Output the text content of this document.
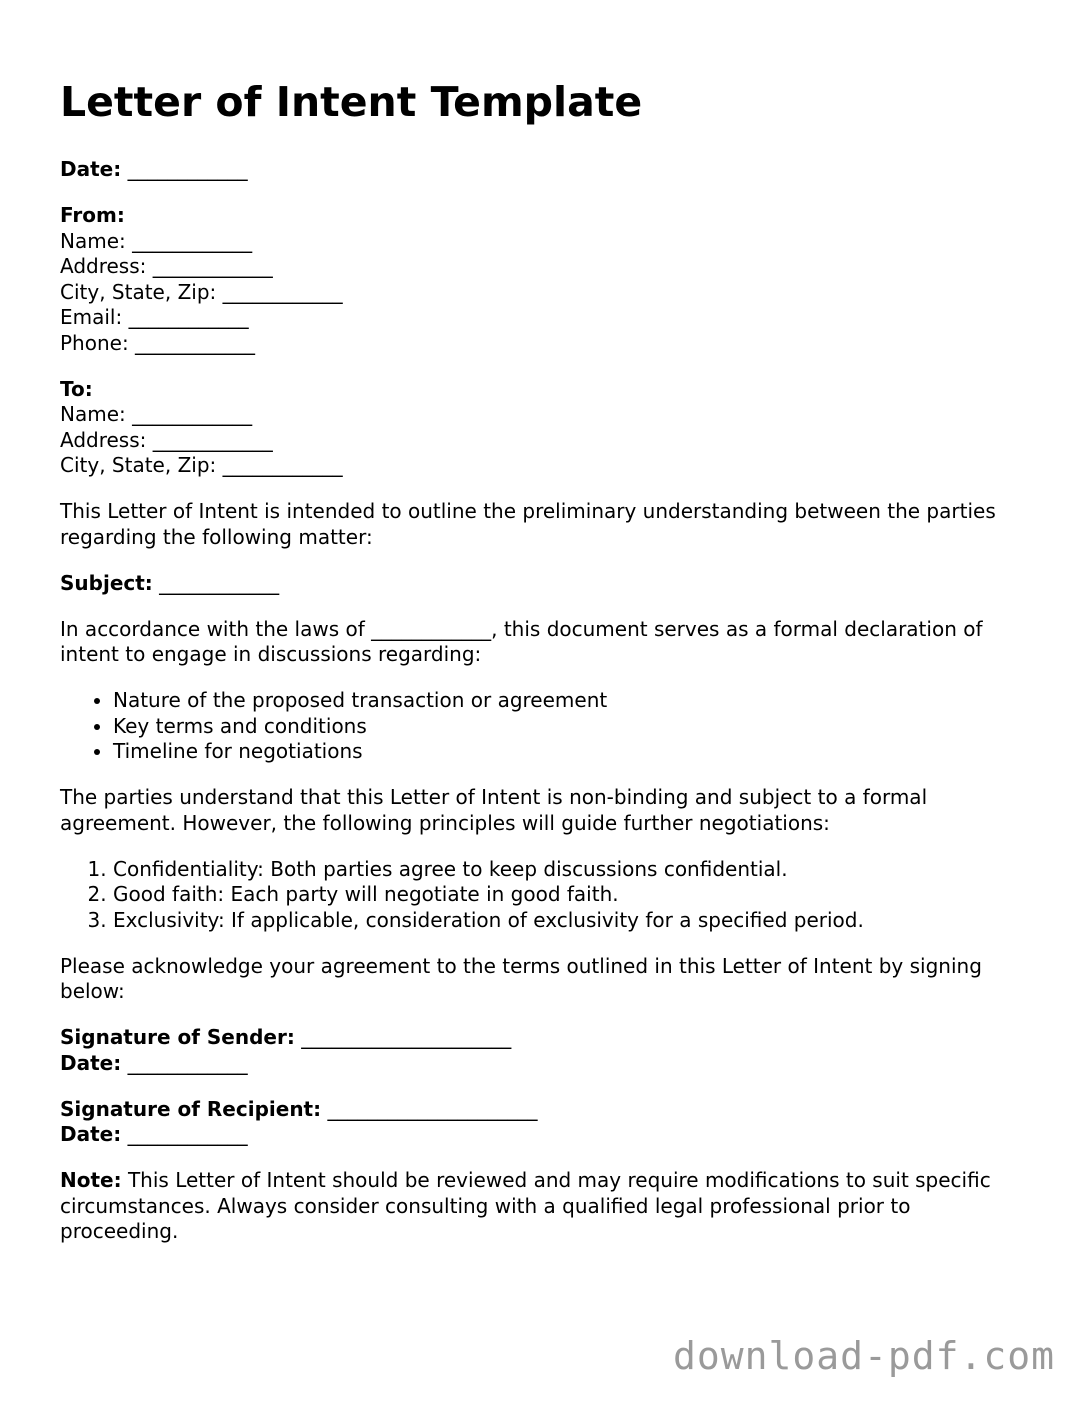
Letter of Intent Template

Date: ____________

From:
Name: ____________
Address: ____________
City, State, Zip: ____________
Email: ____________
Phone: ____________

To:
Name: ____________
Address: ____________
City, State, Zip: ____________

This Letter of Intent is intended to outline the preliminary understanding between the parties regarding the following matter:

Subject: ____________

In accordance with the laws of ____________, this document serves as a formal declaration of intent to engage in discussions regarding:

• Nature of the proposed transaction or agreement
• Key terms and conditions
• Timeline for negotiations

The parties understand that this Letter of Intent is non-binding and subject to a formal agreement. However, the following principles will guide further negotiations:

1. Confidentiality: Both parties agree to keep discussions confidential.
2. Good faith: Each party will negotiate in good faith.
3. Exclusivity: If applicable, consideration of exclusivity for a specified period.

Please acknowledge your agreement to the terms outlined in this Letter of Intent by signing below:

Signature of Sender: _____________________
Date: ____________

Signature of Recipient: _____________________
Date: ____________

Note: This Letter of Intent should be reviewed and may require modifications to suit specific circumstances. Always consider consulting with a qualified legal professional prior to proceeding.

download-pdf.com
